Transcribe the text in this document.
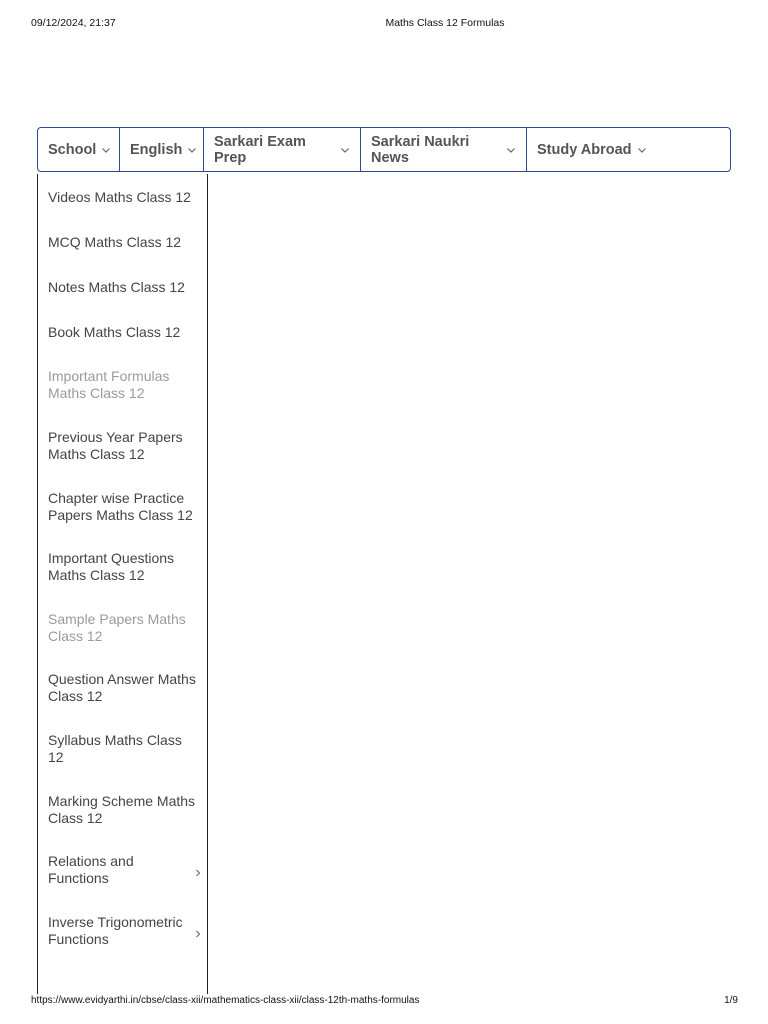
09/12/2024, 21:37	Maths Class 12 Formulas
School English Sarkari Exam Prep
Sarkari Naukri News	Study Abroad
Videos Maths Class 12
MCQ Maths Class 12
Notes Maths Class 12
Book Maths Class 12
Important Formulas Maths Class 12
Previous Year Papers Maths Class 12
Chapter wise Practice Papers Maths Class 12
Important Questions Maths Class 12
Sample Papers Maths Class 12
Question Answer Maths Class 12
Syllabus Maths Class 12
Marking Scheme Maths Class 12
Relations and Functions
Inverse Trigonometric Functions
https://www.evidyarthi.in/cbse/class-xii/mathematics-class-xii/class-12th-maths-formulas	1/9
